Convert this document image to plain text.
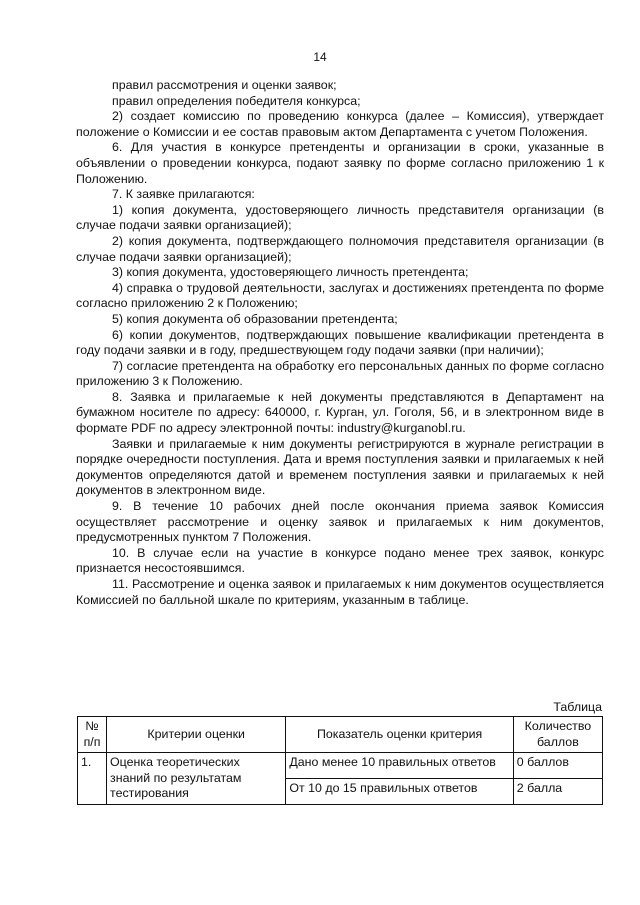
14

правил рассмотрения и оценки заявок;

правил определения победителя конкурса;

2) создает комиссию по проведению конкурса (далее – Комиссия), утверждает положение о Комиссии и ее состав правовым актом Департамента с учетом Положения.

6. Для участия в конкурсе претенденты и организации в сроки, указанные в объявлении о проведении конкурса, подают заявку по форме согласно приложению 1 к Положению.

7. К заявке прилагаются:

1) копия документа, удостоверяющего личность представителя организации (в случае подачи заявки организацией);

2) копия документа, подтверждающего полномочия представителя организации (в случае подачи заявки организацией);

3) копия документа, удостоверяющего личность претендента;

4) справка о трудовой деятельности, заслугах и достижениях претендента по форме согласно приложению 2 к Положению;

5) копия документа об образовании претендента;

6) копии документов, подтверждающих повышение квалификации претендента в году подачи заявки и в году, предшествующем году подачи заявки (при наличии);

7) согласие претендента на обработку его персональных данных по форме согласно приложению 3 к Положению.

8. Заявка и прилагаемые к ней документы представляются в Департамент на бумажном носителе по адресу: 640000, г. Курган, ул. Гоголя, 56, и в электронном виде в формате PDF по адресу электронной почты: industry@kurganobl.ru.

Заявки и прилагаемые к ним документы регистрируются в журнале регистрации в порядке очередности поступления. Дата и время поступления заявки и прилагаемых к ней документов определяются датой и временем поступления заявки и прилагаемых к ней документов в электронном виде.

9. В течение 10 рабочих дней после окончания приема заявок Комиссия осуществляет рассмотрение и оценку заявок и прилагаемых к ним документов, предусмотренных пунктом 7 Положения.

10. В случае если на участие в конкурсе подано менее трех заявок, конкурс признается несостоявшимся.

11. Рассмотрение и оценка заявок и прилагаемых к ним документов осуществляется Комиссией по балльной шкале по критериям, указанным в таблице.

Таблица
№ п/п	Критерии оценки	Показатель оценки критерия	Количество баллов
1.	Оценка теоретических знаний по результатам тестирования	Дано менее 10 правильных ответов	0 баллов
		От 10 до 15 правильных ответов	2 балла
